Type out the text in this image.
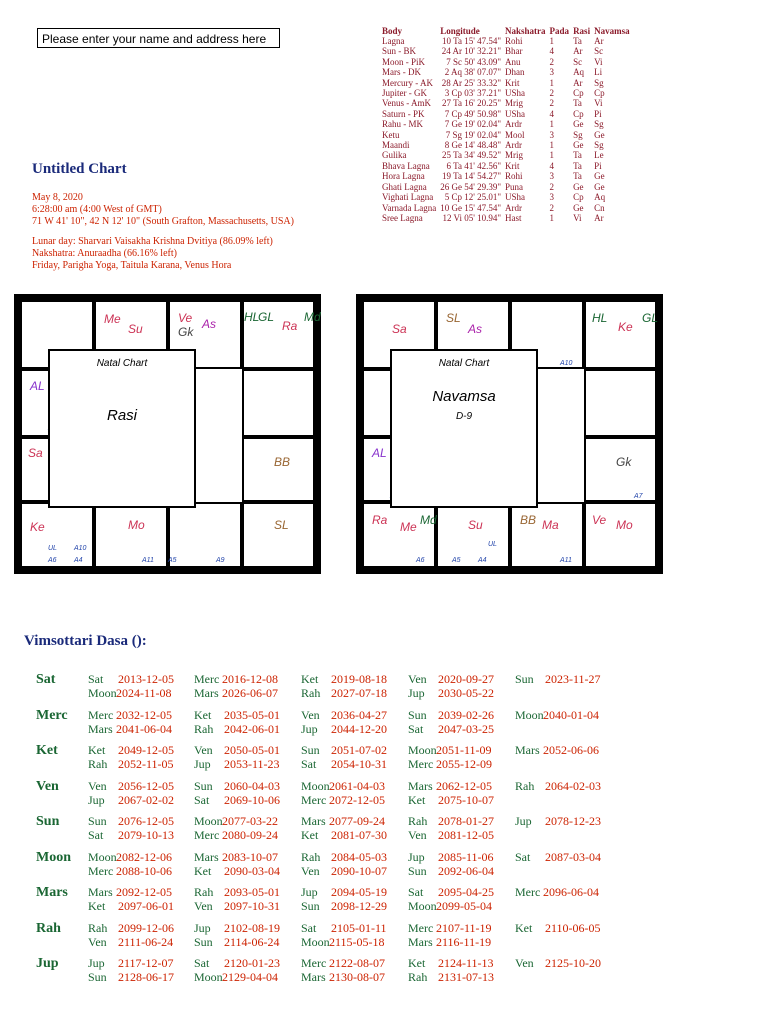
Please enter your name and address here
Untitled Chart
May 8, 2020
6:28:00 am (4:00 West of GMT)
71 W 41' 10", 42 N 12' 10" (South Grafton, Massachusetts, USA)
Lunar day: Sharvari Vaisakha Krishna Dvitiya (86.09% left)
Nakshatra: Anuraadha (66.16% left)
Friday, Parigha Yoga, Taitula Karana, Venus Hora
Body	Longitude	Nakshatra	Pada	Rasi	Navamsa
Lagna	10 Ta 15' 47.54"	Rohi	1	Ta	Ar
Sun - BK	24 Ar 10' 32.21"	Bhar	4	Ar	Sc
Moon - PiK	7 Sc 50' 43.09"	Anu	2	Sc	Vi
Mars - DK	2 Aq 38' 07.07"	Dhan	3	Aq	Li
Mercury - AK	28 Ar 25' 33.32"	Krit	1	Ar	Sg
Jupiter - GK	3 Cp 03' 37.21"	USha	2	Cp	Cp
Venus - AmK	27 Ta 16' 20.25"	Mrig	2	Ta	Vi
Saturn - PK	7 Cp 49' 50.98"	USha	4	Cp	Pi
Rahu - MK	7 Ge 19' 02.04"	Ardr	1	Ge	Sg
Ketu	7 Sg 19' 02.04"	Mool	3	Sg	Ge
Maandi	8 Ge 14' 48.48"	Ardr	1	Ge	Sg
Gulika	25 Ta 34' 49.52"	Mrig	1	Ta	Le
Bhava Lagna	6 Ta 41' 42.56"	Krit	4	Ta	Pi
Hora Lagna	19 Ta 14' 54.27"	Rohi	3	Ta	Ge
Ghati Lagna	26 Ge 54' 29.39"	Puna	2	Ge	Ge
Vighati Lagna	5 Cp 12' 25.01"	USha	3	Cp	Aq
Varnada Lagna	10 Ge 15' 47.54"	Ardr	2	Ge	Cn
Sree Lagna	12 Vi 05' 10.94"	Hast	1	Vi	Ar
SL
A9
Mo
A11 A5
Ke
UL A10
A6 A4
BB
Sa
AL
HL
GL
Ra
Md
Ve
Gk
As
Me
Su
Natal Chart
Rasi
Ve Mo
BB Ma
A11
Su
UL
A5 A4
Ra Me Md
A6
Gk
A7
AL
HL
Ke
GL
A10
SL
As
Sa
Natal Chart
Navamsa
D-9
Vimsottari Dasa ():
Sat	Sat 2013-12-05 Merc 2016-12-08 Ket 2019-08-18 Ven 2020-09-27 Sun 2023-11-27
Moon2024-11-08 Mars 2026-06-07 Rah 2027-07-18 Jup 2030-05-22
Merc Merc 2032-12-05 Ket 2035-05-01 Ven 2036-04-27 Sun 2039-02-26 Moon2040-01-04
Mars 2041-06-04 Rah 2042-06-01 Jup 2044-12-20 Sat 2047-03-25
Ket	Ket 2049-12-05 Ven 2050-05-01 Sun 2051-07-02 Moon2051-11-09 Mars 2052-06-06
Rah 2052-11-05 Jup 2053-11-23 Sat 2054-10-31 Merc 2055-12-09
Ven Ven 2056-12-05 Sun 2060-04-03 Moon2061-04-03 Mars 2062-12-05 Rah 2064-02-03
Jup 2067-02-02 Sat 2069-10-06 Merc 2072-12-05 Ket 2075-10-07
Sun Sun 2076-12-05 Moon2077-03-22 Mars 2077-09-24 Rah 2078-01-27 Jup 2078-12-23
Sat 2079-10-13 Merc 2080-09-24 Ket 2081-07-30 Ven 2081-12-05
Moon Moon2082-12-06 Mars 2083-10-07 Rah 2084-05-03 Jup 2085-11-06 Sat 2087-03-04
Merc 2088-10-06 Ket 2090-03-04 Ven 2090-10-07 Sun 2092-06-04
Mars Mars 2092-12-05 Rah 2093-05-01 Jup 2094-05-19 Sat 2095-04-25 Merc 2096-06-04
Ket 2097-06-01 Ven 2097-10-31 Sun 2098-12-29 Moon2099-05-04
Rah Rah 2099-12-06 Jup 2102-08-19 Sat 2105-01-11 Merc 2107-11-19 Ket 2110-06-05
Ven 2111-06-24 Sun 2114-06-24 Moon2115-05-18 Mars 2116-11-19
Jup Jup 2117-12-07 Sat 2120-01-23 Merc 2122-08-07 Ket 2124-11-13 Ven 2125-10-20
Sun 2128-06-17 Moon2129-04-04 Mars 2130-08-07 Rah 2131-07-13
